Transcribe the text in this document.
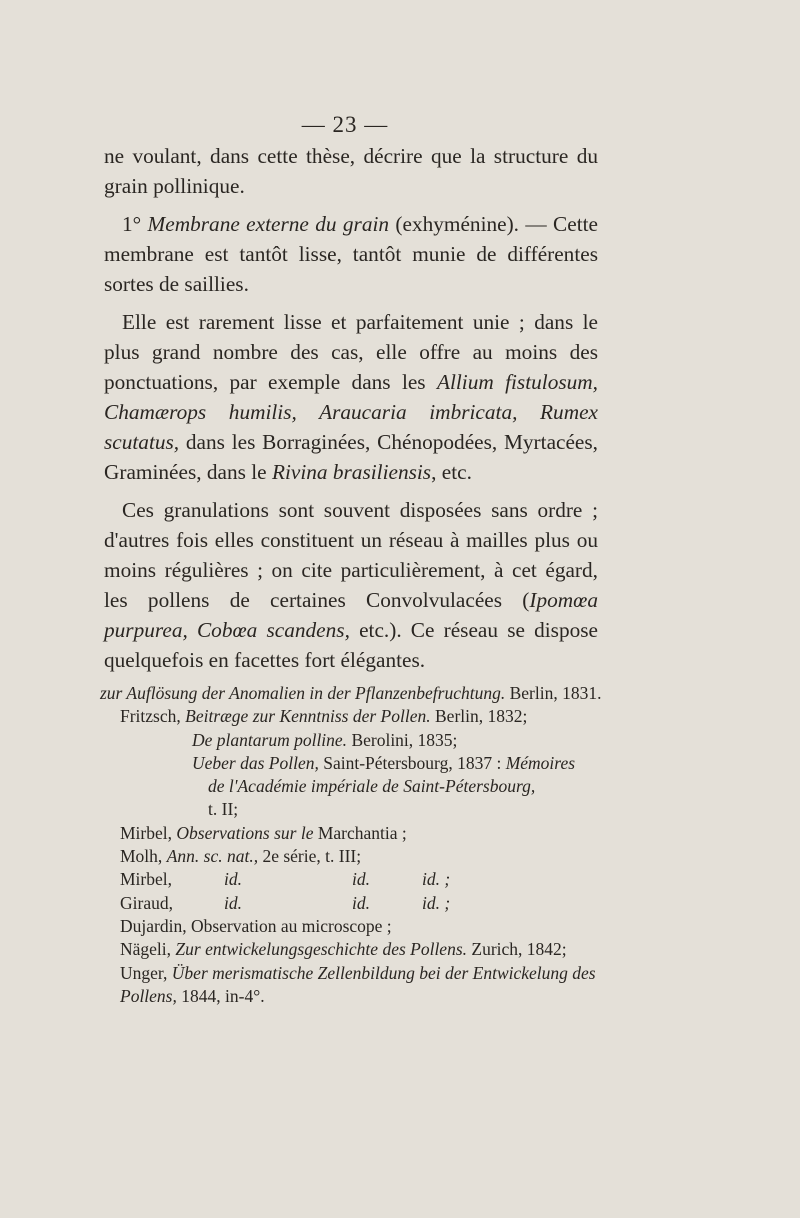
— 23 —

ne voulant, dans cette thèse, décrire que la structure du grain pollinique.

1° Membrane externe du grain (exhyménine). — Cette membrane est tantôt lisse, tantôt munie de différentes sortes de saillies.

Elle est rarement lisse et parfaitement unie ; dans le plus grand nombre des cas, elle offre au moins des ponctuations, par exemple dans les Allium fistulosum, Chamærops humilis, Araucaria imbricata, Rumex scutatus, dans les Borraginées, Chénopodées, Myrtacées, Graminées, dans le Rivina brasiliensis, etc.

Ces granulations sont souvent disposées sans ordre ; d'autres fois elles constituent un réseau à mailles plus ou moins régulières ; on cite particulièrement, à cet égard, les pollens de certaines Convolvulacées (Ipomœa purpurea, Cobœa scandens, etc.). Ce réseau se dispose quelquefois en facettes fort élégantes.

zur Auflösung der Anomalien in der Pflanzenbefruchtung. Berlin, 1831.

Fritzsch, Beitræge zur Kenntniss der Pollen. Berlin, 1832;

De plantarum polline. Berolini, 1835;

Ueber das Pollen, Saint-Pétersbourg, 1837 : Mémoires

de l'Académie impériale de Saint-Pétersbourg,

t. II;

Mirbel, Observations sur le Marchantia ;

Molh, Ann. sc. nat., 2e série, t. III;

Mirbel,	id.	id.	id. ;

Giraud,	id.	id.	id. ;

Dujardin, Observation au microscope ;

Nägeli, Zur entwickelungsgeschichte des Pollens. Zurich, 1842;

Unger, Über merismatische Zellenbildung bei der Entwickelung des Pollens, 1844, in-4°.
